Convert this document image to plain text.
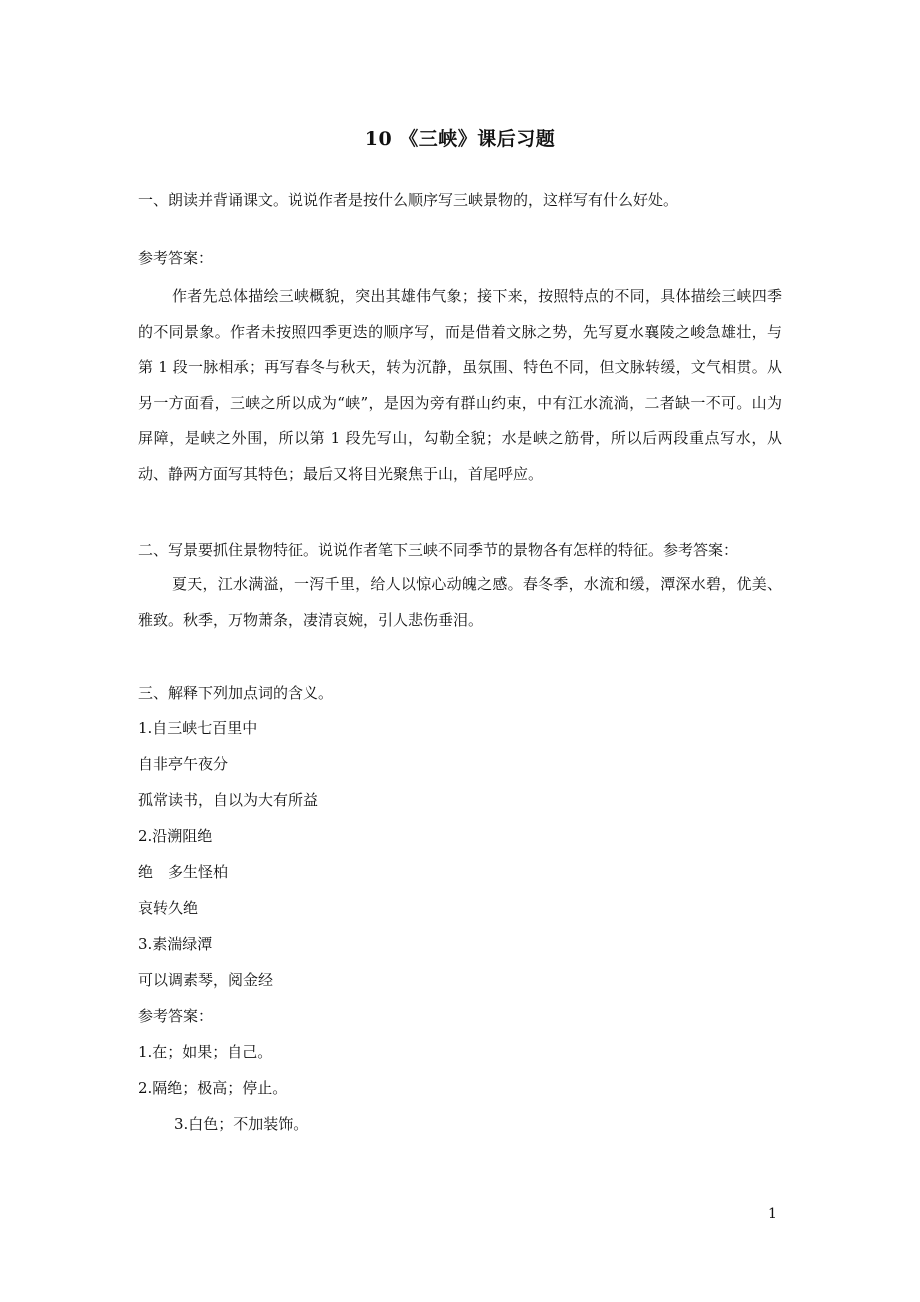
10 《三峡》课后习题
一、朗读并背诵课文。说说作者是按什么顺序写三峡景物的，这样写有什么好处。
参考答案：

作者先总体描绘三峡概貌，突出其雄伟气象；接下来，按照特点的不同，具体描绘三峡四季的不同景象。作者未按照四季更迭的顺序写，而是借着文脉之势，先写夏水襄陵之峻急雄壮，与第 1 段一脉相承；再写春冬与秋天，转为沉静，虽氛围、特色不同，但文脉转缓，文气相贯。从另一方面看，三峡之所以成为“峡”，是因为旁有群山约束，中有江水流淌，二者缺一不可。山为屏障，是峡之外围，所以第 1 段先写山，勾勒全貌；水是峡之筋骨，所以后两段重点写水，从动、静两方面写其特色；最后又将目光聚焦于山，首尾呼应。

二、写景要抓住景物特征。说说作者笔下三峡不同季节的景物各有怎样的特征。参考答案：

夏天，江水满溢，一泻千里，给人以惊心动魄之感。春冬季，水流和缓，潭深水碧，优美、雅致。秋季，万物萧条，凄清哀婉，引人悲伤垂泪。

三、解释下列加点词的含义。
1.自三峡七百里中
自非亭午夜分
孤常读书，自以为大有所益
2.沿溯阻绝
绝　多生怪柏
哀转久绝
3.素湍绿潭
可以调素琴，阅金经
参考答案：
1.在；如果；自己。
2.隔绝；极高；停止。
3.白色；不加装饰。
1
